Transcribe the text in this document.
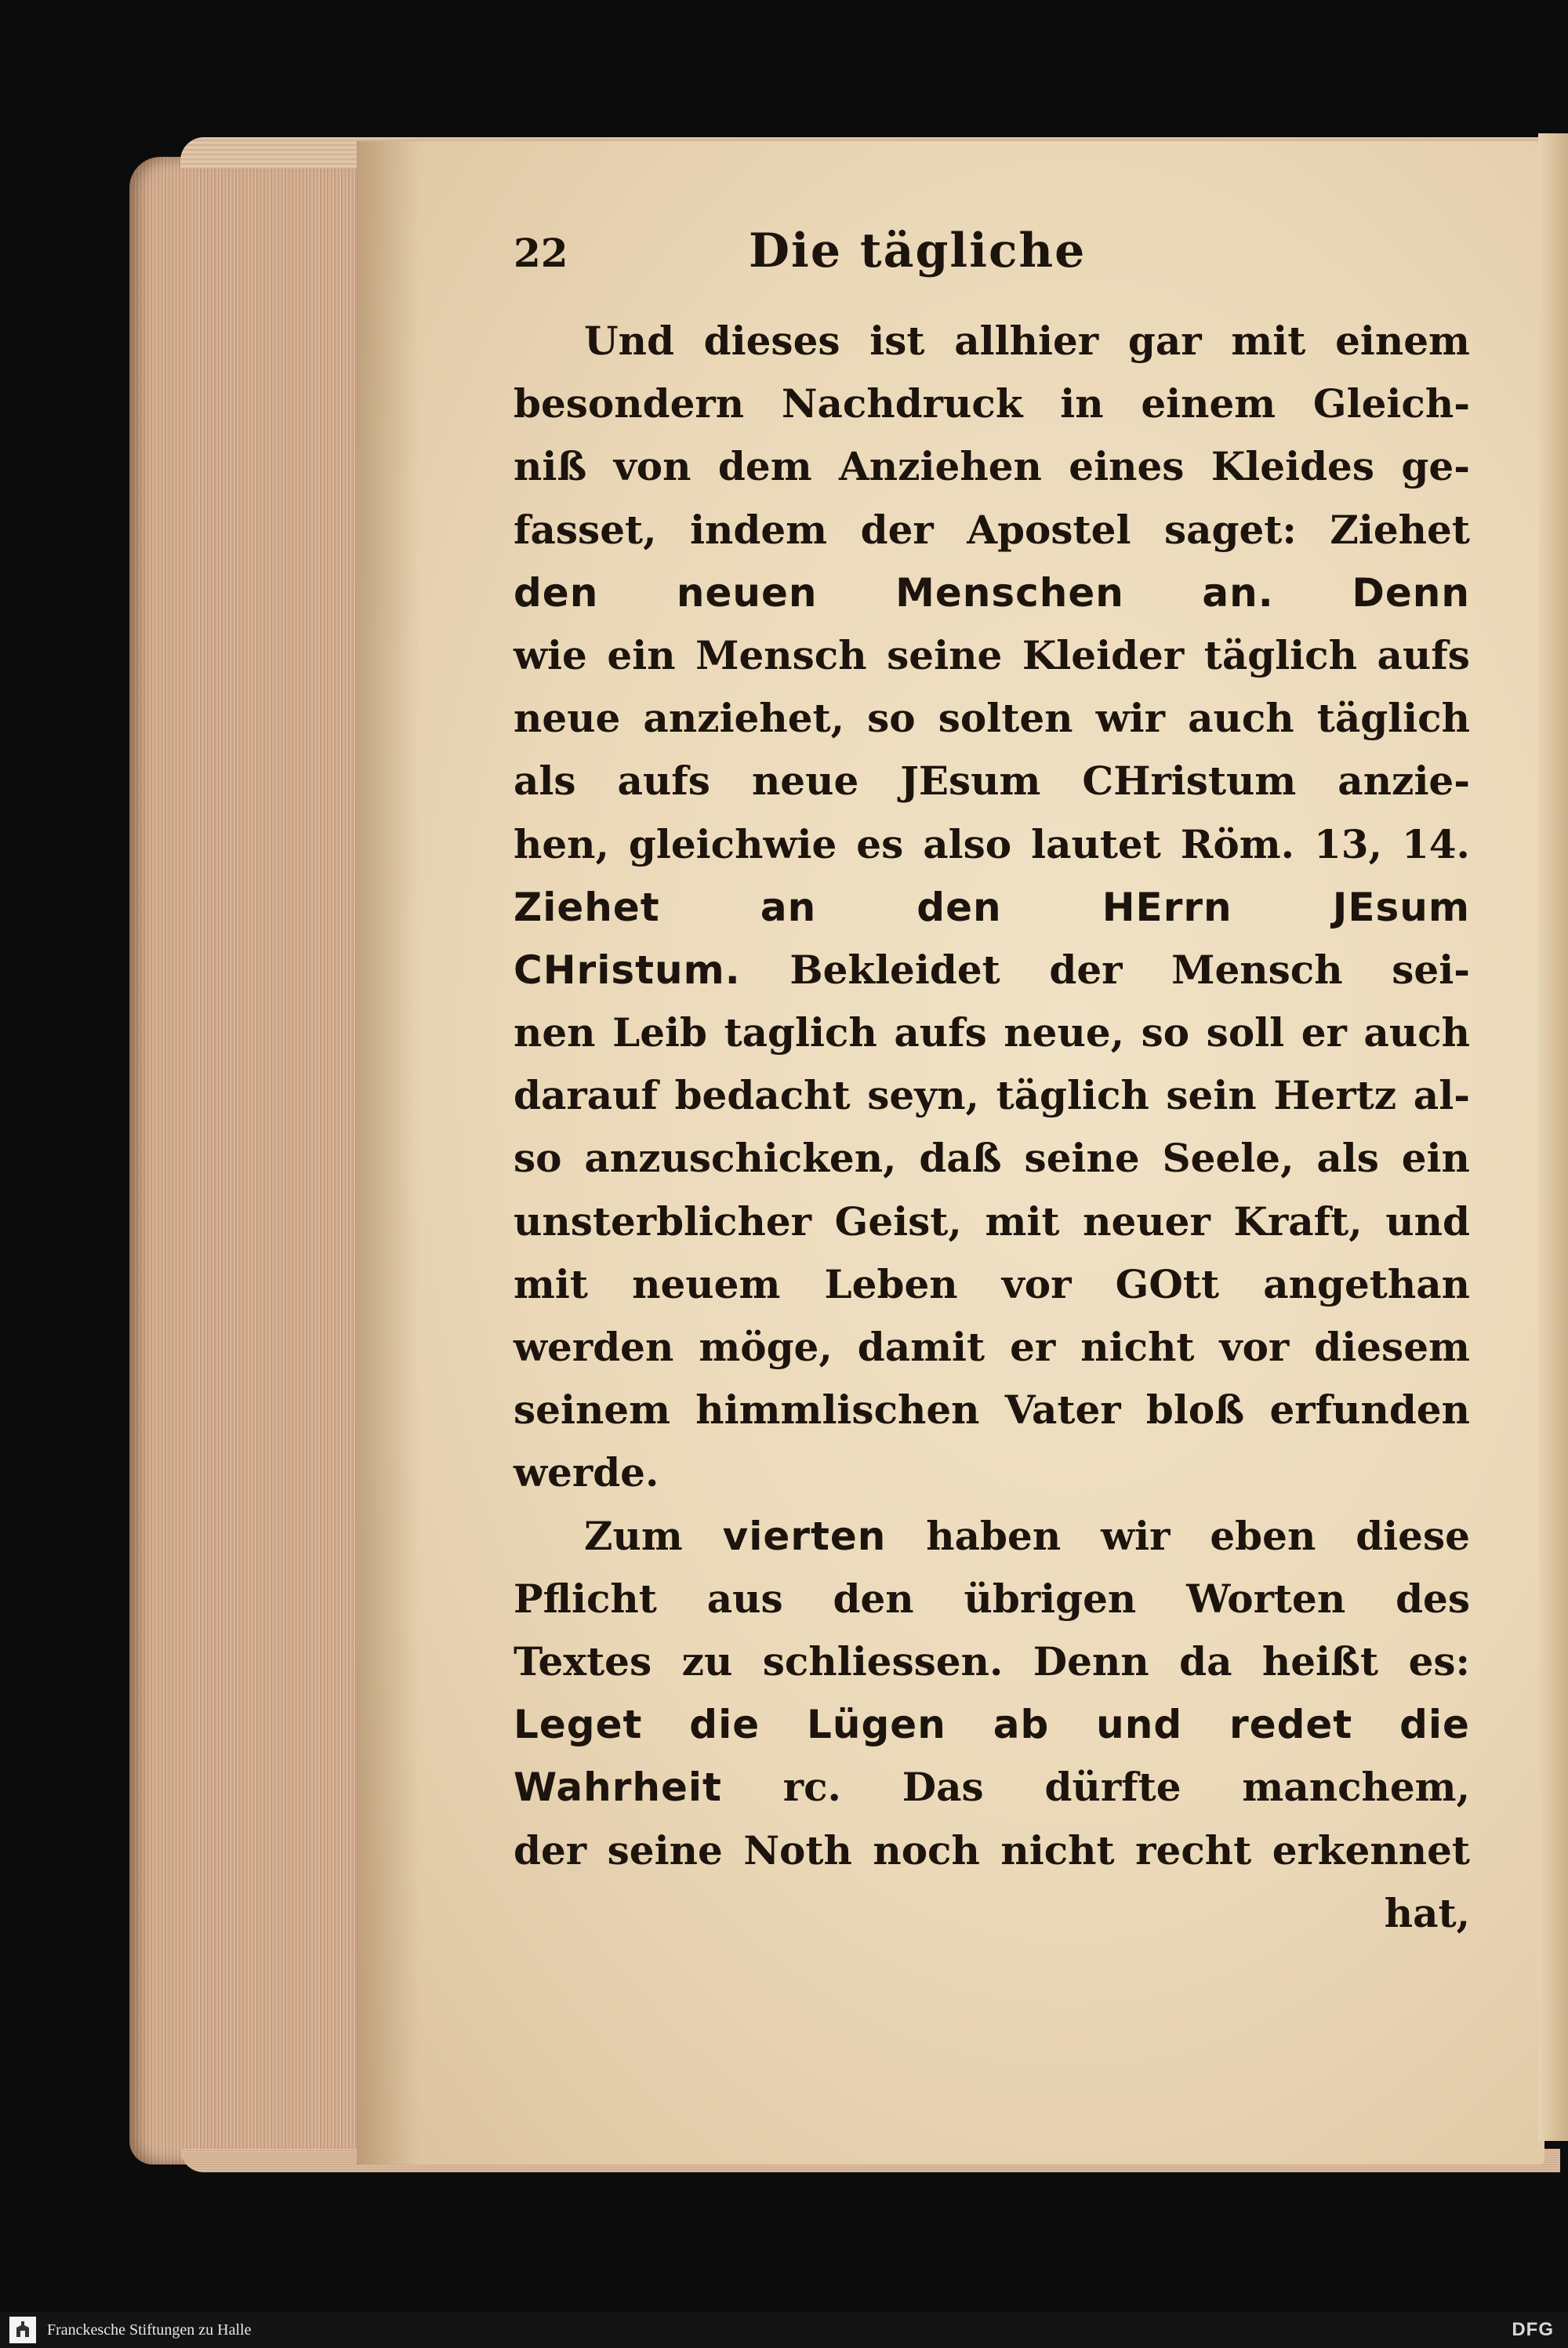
22	Die tägliche
Und dieses ist allhier gar mit einem
besondern Nachdruck in einem Gleich-
niß von dem Anziehen eines Kleides ge-
fasset, indem der Apostel saget: Ziehet
den neuen Menschen an. Denn
wie ein Mensch seine Kleider täglich aufs
neue anziehet, so solten wir auch täglich
als aufs neue JEsum CHristum anzie-
hen, gleichwie es also lautet Röm. 13, 14.
Ziehet	an	den	HErrn	JEsum
CHristum. Bekleidet der Mensch sei-
nen Leib taglich aufs neue, so soll er auch
darauf bedacht seyn, täglich sein Hertz al-
so anzuschicken, daß seine Seele, als ein
unsterblicher Geist, mit neuer Kraft, und
mit neuem Leben vor GOtt angethan
werden möge, damit er nicht vor diesem
seinem himmlischen Vater bloß erfunden
werde.
Zum vierten haben wir eben diese
Pflicht aus den übrigen Worten des
Textes zu schliessen. Denn da heißt es:
Leget die Lügen ab und redet die
Wahrheit rc. Das dürfte manchem,
der seine Noth noch nicht recht erkennet
hat,
Franckesche Stiftungen zu Halle	DFG
